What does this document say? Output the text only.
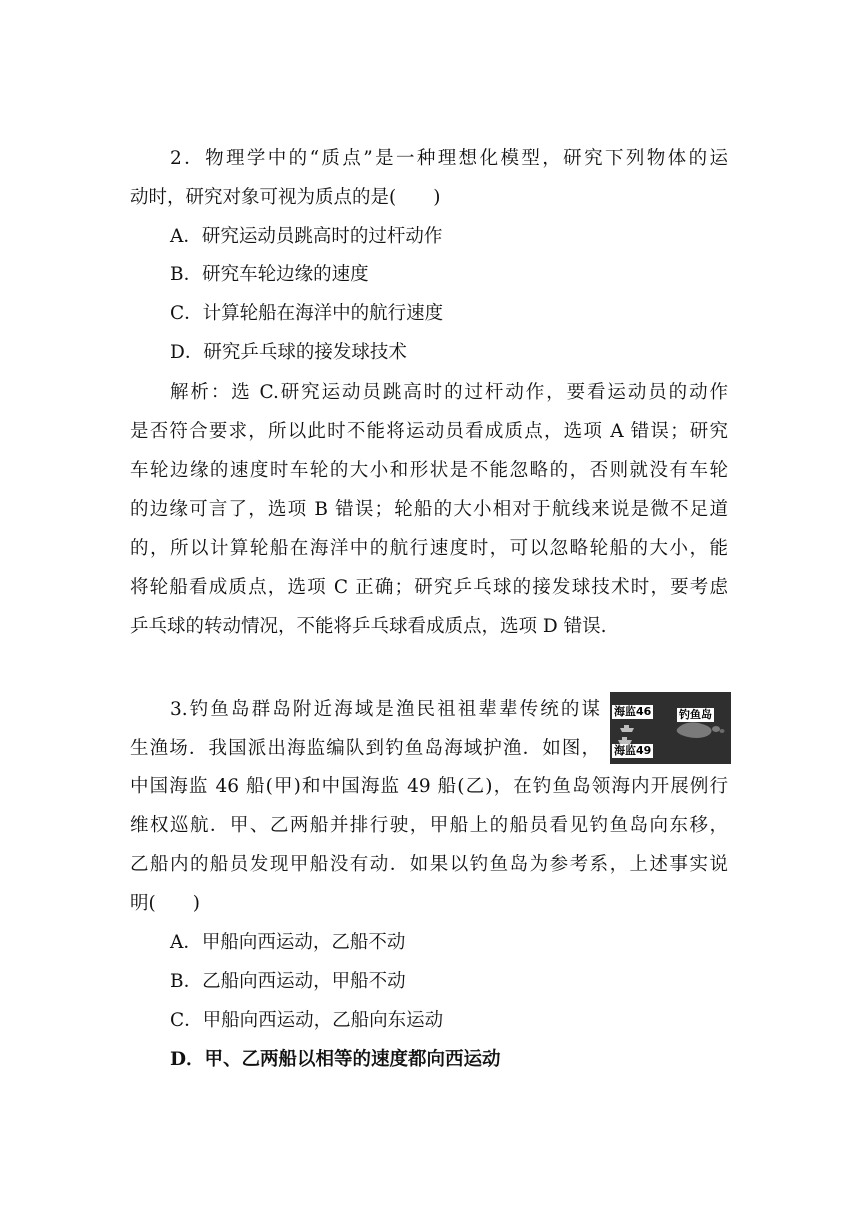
2．物理学中的“质点”是一种理想化模型，研究下列物体的运
动时，研究对象可视为质点的是(　　)
A．研究运动员跳高时的过杆动作
B．研究车轮边缘的速度
C．计算轮船在海洋中的航行速度
D．研究乒乓球的接发球技术
解析：选 C.研究运动员跳高时的过杆动作，要看运动员的动作
是否符合要求，所以此时不能将运动员看成质点，选项 A 错误；研究
车轮边缘的速度时车轮的大小和形状是不能忽略的，否则就没有车轮
的边缘可言了，选项 B 错误；轮船的大小相对于航线来说是微不足道
的，所以计算轮船在海洋中的航行速度时，可以忽略轮船的大小，能
将轮船看成质点，选项 C 正确；研究乒乓球的接发球技术时，要考虑
乒乓球的转动情况，不能将乒乓球看成质点，选项 D 错误.
3.钓鱼岛群岛附近海域是渔民祖祖辈辈传统的谋
生渔场．我国派出海监编队到钓鱼岛海域护渔．如图，
中国海监 46 船(甲)和中国海监 49 船(乙)，在钓鱼岛领海内开展例行
维权巡航．甲、乙两船并排行驶，甲船上的船员看见钓鱼岛向东移，
乙船内的船员发现甲船没有动．如果以钓鱼岛为参考系，上述事实说
明(　　)
A．甲船向西运动，乙船不动
B．乙船向西运动，甲船不动
C．甲船向西运动，乙船向东运动
D．甲、乙两船以相等的速度都向西运动
海监46	钓鱼岛
海监49
